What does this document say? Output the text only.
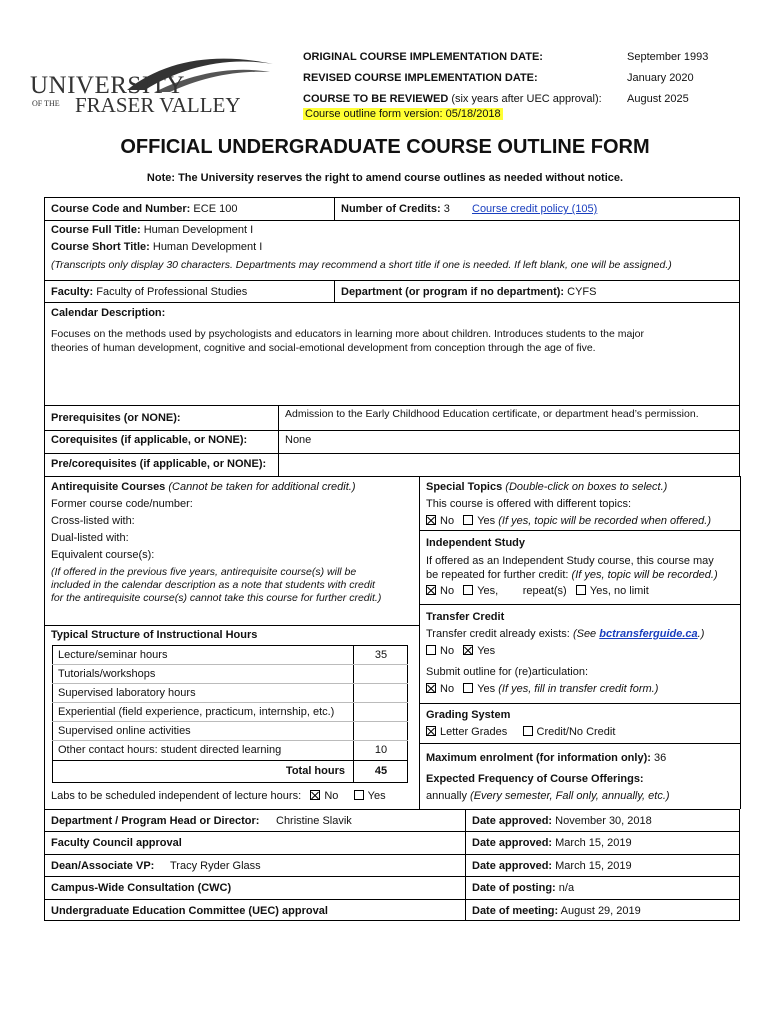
UNIVERSITY
OF THE FRASER VALLEY
ORIGINAL COURSE IMPLEMENTATION DATE:	September 1993
REVISED COURSE IMPLEMENTATION DATE:	January 2020
COURSE TO BE REVIEWED (six years after UEC approval): August 2025
Course outline form version: 05/18/2018
OFFICIAL UNDERGRADUATE COURSE OUTLINE FORM
Note: The University reserves the right to amend course outlines as needed without notice.
Course Code and Number: ECE 100	Number of Credits: 3 Course credit policy (105)
Course Full Title: Human Development I
Course Short Title: Human Development I
(Transcripts only display 30 characters. Departments may recommend a short title if one is needed. If left blank, one will be assigned.)
Faculty: Faculty of Professional Studies	Department (or program if no department): CYFS
Calendar Description:
Focuses on the methods used by psychologists and educators in learning more about children. Introduces students to the major
theories of human development, cognitive and social-emotional development from conception through the age of five.
Prerequisites (or NONE):	Admission to the Early Childhood Education certificate, or department head’s permission.
Corequisites (if applicable, or NONE):	None
Pre/corequisites (if applicable, or NONE):
Antirequisite Courses (Cannot be taken for additional credit.)
Former course code/number:
Cross-listed with:
Dual-listed with:
Equivalent course(s):
(If offered in the previous five years, antirequisite course(s) will be
included in the calendar description as a note that students with credit
for the antirequisite course(s) cannot take this course for further credit.)
Special Topics (Double-click on boxes to select.)
This course is offered with different topics:
No Yes (If yes, topic will be recorded when offered.)
Independent Study
If offered as an Independent Study course, this course may
be repeated for further credit: (If yes, topic will be recorded.)
No Yes, repeat(s) Yes, no limit
Transfer Credit
Transfer credit already exists: (See bctransferguide.ca.)
No Yes
Submit outline for (re)articulation:
No Yes (If yes, fill in transfer credit form.)
Grading System
Letter Grades	Credit/No Credit
Maximum enrolment (for information only): 36
Expected Frequency of Course Offerings:
annually (Every semester, Fall only, annually, etc.)
Typical Structure of Instructional Hours
Lecture/seminar hours	35
Tutorials/workshops
Supervised laboratory hours
Experiential (field experience, practicum, internship, etc.)
Supervised online activities
Other contact hours: student directed learning	10
Total hours	45
Labs to be scheduled independent of lecture hours: No	Yes
Department / Program Head or Director: Christine Slavik	Date approved: November 30, 2018
Faculty Council approval	Date approved: March 15, 2019
Dean/Associate VP: Tracy Ryder Glass	Date approved: March 15, 2019
Campus-Wide Consultation (CWC)	Date of posting: n/a
Undergraduate Education Committee (UEC) approval	Date of meeting: August 29, 2019
